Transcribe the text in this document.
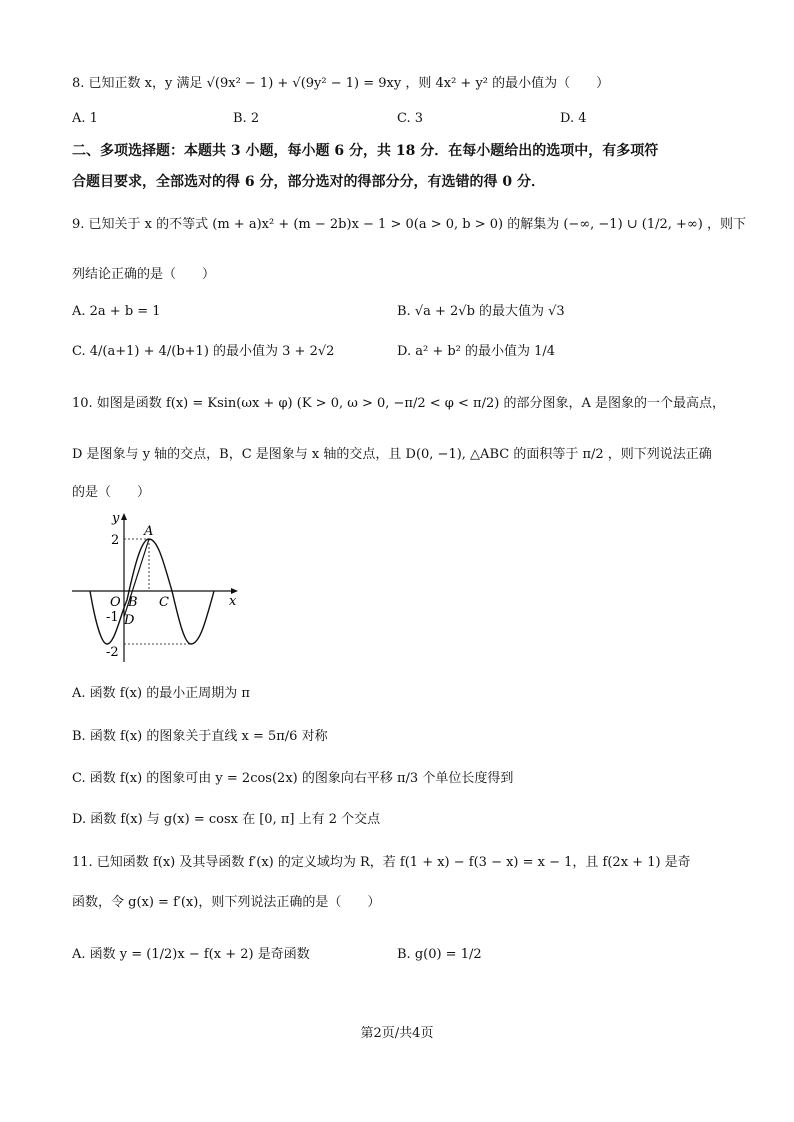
8. 已知正数 x，y 满足 √(9x² − 1) + √(9y² − 1) = 9xy ，则 4x² + y² 的最小值为（　　）
A. 1	B. 2	C. 3	D. 4
二、多项选择题：本题共 3 小题，每小题 6 分，共 18 分．在每小题给出的选项中，有多项符
合题目要求，全部选对的得 6 分，部分选对的得部分分，有选错的得 0 分．
9. 已知关于 x 的不等式 (m + a)x² + (m − 2b)x − 1 > 0(a > 0, b > 0) 的解集为 (−∞, −1) ∪ (1/2, +∞) ，则下
列结论正确的是（　　）
A. 2a + b = 1	B. √a + 2√b 的最大值为 √3
C. 4/(a+1) + 4/(b+1) 的最小值为 3 + 2√2	D. a² + b² 的最小值为 1/4
10. 如图是函数 f(x) = Ksin(ωx + φ) (K > 0, ω > 0, −π/2 < φ < π/2) 的部分图象，A 是图象的一个最高点，
D 是图象与 y 轴的交点，B，C 是图象与 x 轴的交点，且 D(0, −1), △ABC 的面积等于 π/2 ，则下列说法正确
的是（　　）
y
x
A
O B C
D
2
-1
-2
A. 函数 f(x) 的最小正周期为 π
B. 函数 f(x) 的图象关于直线 x = 5π/6 对称
C. 函数 f(x) 的图象可由 y = 2cos(2x) 的图象向右平移 π/3 个单位长度得到
D. 函数 f(x) 与 g(x) = cosx 在 [0, π] 上有 2 个交点
11. 已知函数 f(x) 及其导函数 f′(x) 的定义域均为 R，若 f(1 + x) − f(3 − x) = x − 1，且 f(2x + 1) 是奇
函数，令 g(x) = f′(x)，则下列说法正确的是（　　）
A. 函数 y = (1/2)x − f(x + 2) 是奇函数	B. g(0) = 1/2
第2页/共4页
